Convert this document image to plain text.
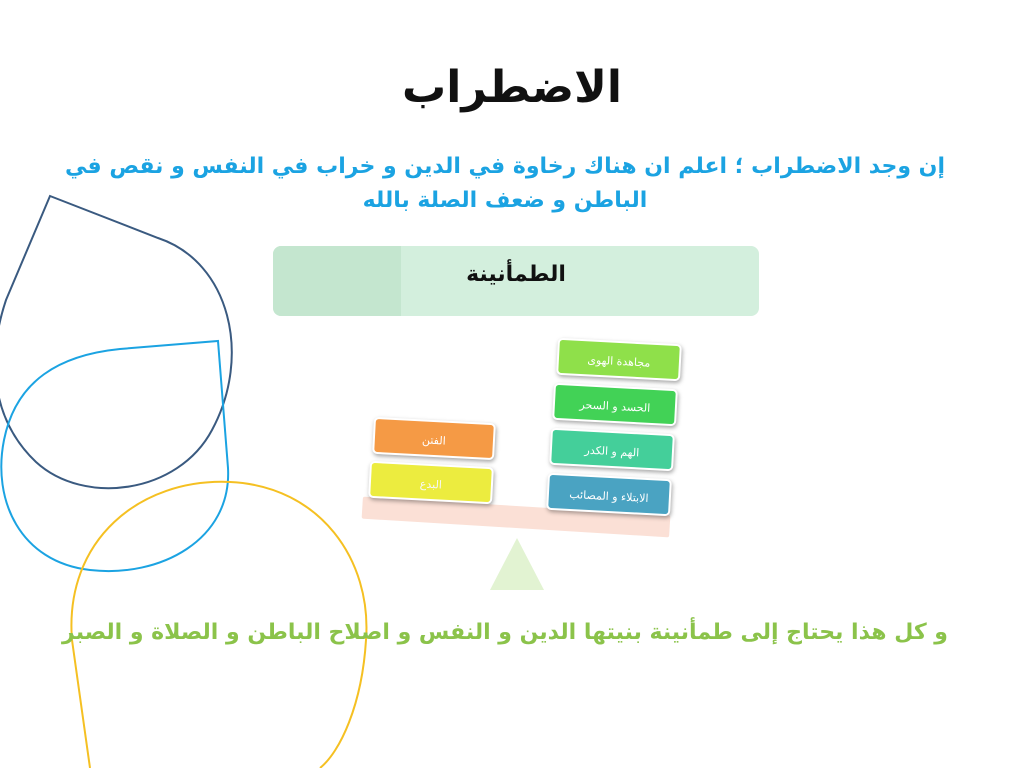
الاضطراب
إن وجد الاضطراب ؛ اعلم ان هناك رخاوة في الدين و خراب في النفس و نقص في الباطن و ضعف الصلة بالله
الطمأنينة
الفتن
البدع
مجاهدة الهوى
الحسد و السحر
الهم و الكدر
الابتلاء و المصائب
و كل هذا يحتاج إلى طمأنينة بنيتها الدين و النفس و اصلاح الباطن و الصلاة و الصبر
